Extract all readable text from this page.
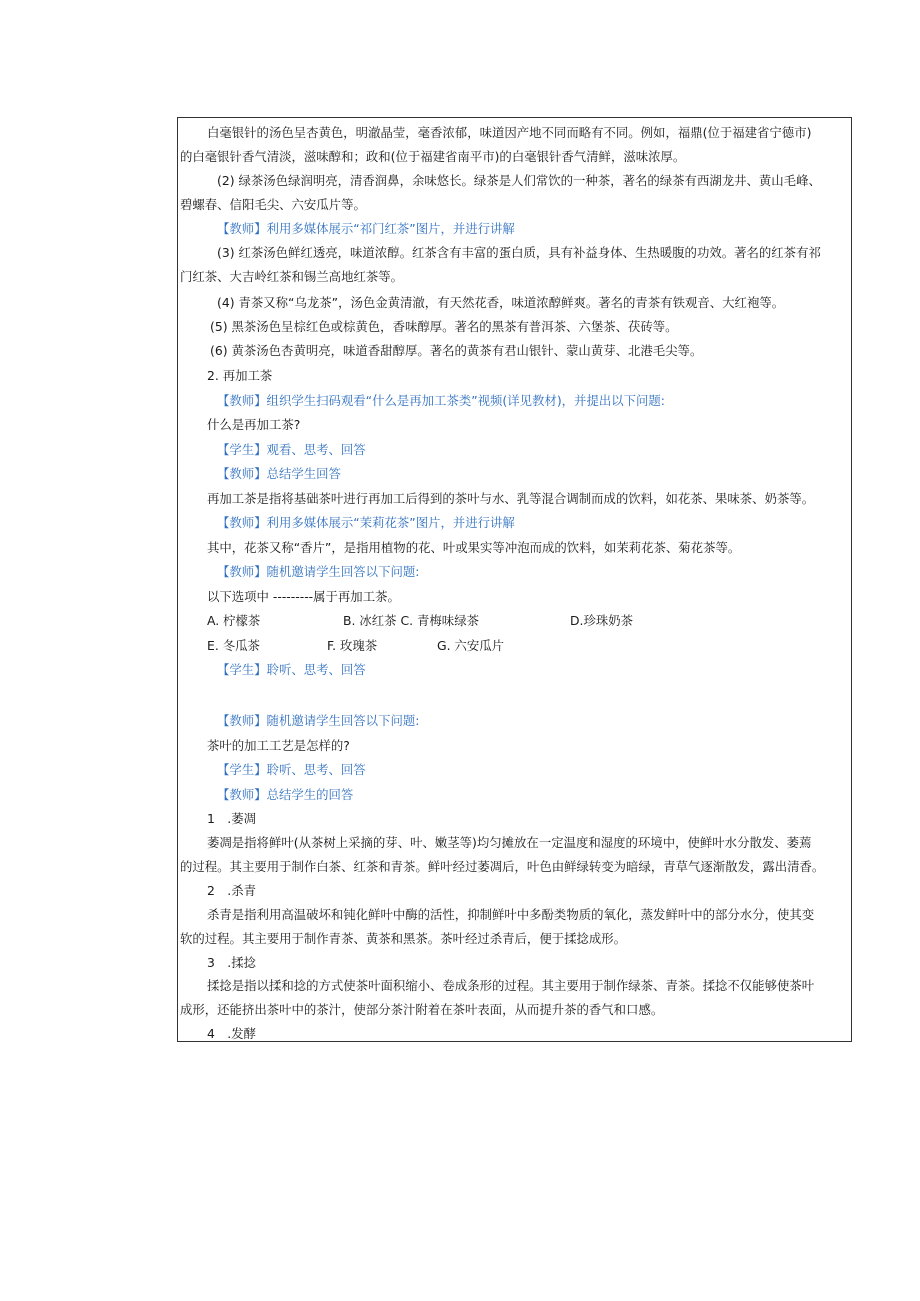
白毫银针的汤色呈杏黄色，明澈晶莹，毫香浓郁，味道因产地不同而略有不同。例如，福鼎(位于福建省宁德市)
的白毫银针香气清淡，滋味醇和；政和(位于福建省南平市)的白毫银针香气清鲜，滋味浓厚。
(2) 绿茶汤色绿润明亮，清香润鼻，余味悠长。绿茶是人们常饮的一种茶，著名的绿茶有西湖龙井、黄山毛峰、
碧螺春、信阳毛尖、六安瓜片等。
【教师】利用多媒体展示“祁门红茶”图片，并进行讲解
(3) 红茶汤色鲜红透亮，味道浓醇。红茶含有丰富的蛋白质，具有补益身体、生热暖腹的功效。著名的红茶有祁
门红茶、大吉岭红茶和锡兰高地红茶等。
(4) 青茶又称“乌龙茶”，汤色金黄清澈，有天然花香，味道浓醇鲜爽。著名的青茶有铁观音、大红袍等。
(5) 黑茶汤色呈棕红色或棕黄色，香味醇厚。著名的黑茶有普洱茶、六堡茶、茯砖等。
(6) 黄茶汤色杏黄明亮，味道香甜醇厚。著名的黄茶有君山银针、蒙山黄芽、北港毛尖等。
2. 再加工茶
【教师】组织学生扫码观看“什么是再加工茶类”视频(详见教材)，并提出以下问题:
什么是再加工茶?
【学生】观看、思考、回答
【教师】总结学生回答
再加工茶是指将基础茶叶进行再加工后得到的茶叶与水、乳等混合调制而成的饮料，如花茶、果味茶、奶茶等。
【教师】利用多媒体展示“茉莉花茶”图片，并进行讲解
其中，花茶又称“香片”，是指用植物的花、叶或果实等冲泡而成的饮料，如茉莉花茶、菊花茶等。
【教师】随机邀请学生回答以下问题:
以下选项中 ---------属于再加工茶。
A. 柠檬茶	B. 冰红茶 C. 青梅味绿茶	D.珍珠奶茶
E. 冬瓜茶	F. 玫瑰茶	G. 六安瓜片
【学生】聆听、思考、回答
【教师】随机邀请学生回答以下问题:
茶叶的加工工艺是怎样的?
【学生】聆听、思考、回答
【教师】总结学生的回答
1　.萎凋
萎凋是指将鲜叶(从茶树上采摘的芽、叶、嫩茎等)均匀摊放在一定温度和湿度的环境中，使鲜叶水分散发、萎蔫
的过程。其主要用于制作白茶、红茶和青茶。鲜叶经过萎凋后，叶色由鲜绿转变为暗绿，青草气逐渐散发，露出清香。
2　.杀青
杀青是指利用高温破坏和钝化鲜叶中酶的活性，抑制鲜叶中多酚类物质的氧化，蒸发鲜叶中的部分水分，使其变
软的过程。其主要用于制作青茶、黄茶和黑茶。茶叶经过杀青后，便于揉捻成形。
3　.揉捻
揉捻是指以揉和捻的方式使茶叶面积缩小、卷成条形的过程。其主要用于制作绿茶、青茶。揉捻不仅能够使茶叶
成形，还能挤出茶叶中的茶汁，使部分茶汁附着在茶叶表面，从而提升茶的香气和口感。
4　.发酵
